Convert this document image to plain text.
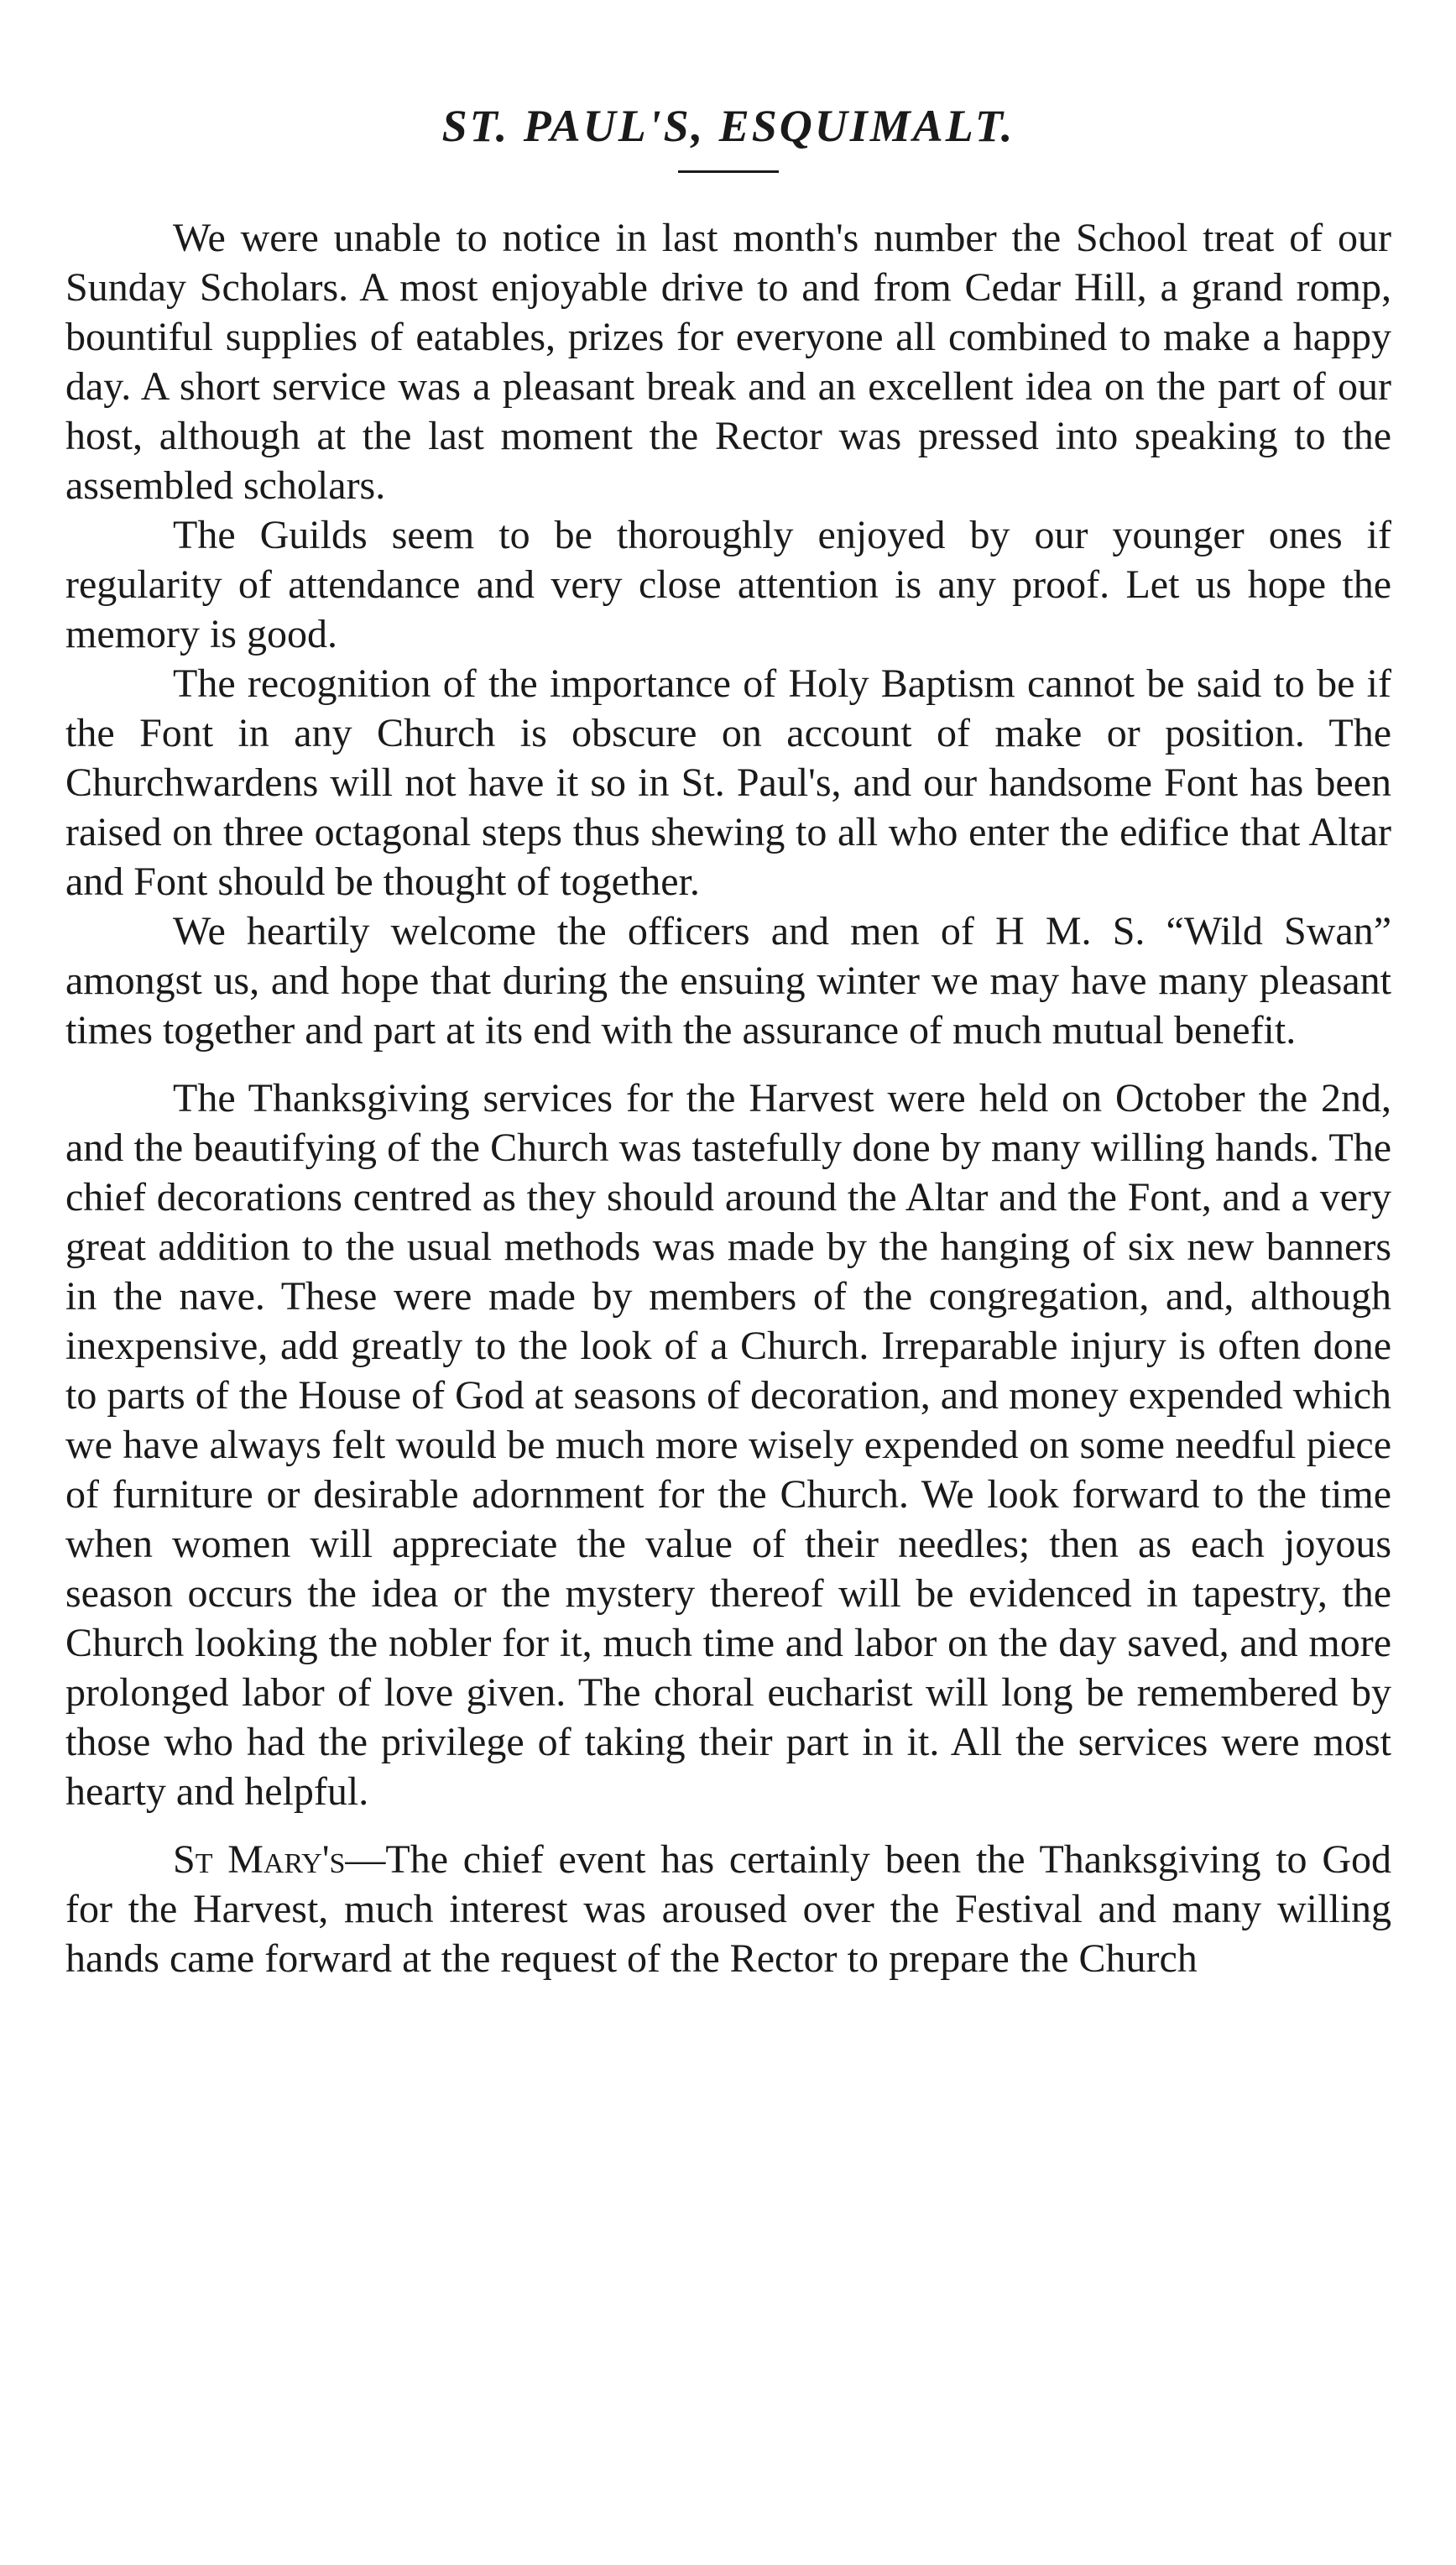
ST. PAUL'S, ESQUIMALT.

We were unable to notice in last month's number the School treat of our Sunday Scholars. A most enjoyable drive to and from Cedar Hill, a grand romp, bountiful supplies of eatables, prizes for everyone all combined to make a happy day. A short service was a pleasant break and an excellent idea on the part of our host, although at the last moment the Rector was pressed into speaking to the assembled scholars.

The Guilds seem to be thoroughly enjoyed by our younger ones if regularity of attendance and very close attention is any proof. Let us hope the memory is good.

The recognition of the importance of Holy Baptism cannot be said to be if the Font in any Church is obscure on account of make or position. The Churchwardens will not have it so in St. Paul's, and our handsome Font has been raised on three octagonal steps thus shewing to all who enter the edifice that Altar and Font should be thought of together.

We heartily welcome the officers and men of H M. S. “Wild Swan” amongst us, and hope that during the ensuing winter we may have many pleasant times together and part at its end with the assurance of much mutual benefit.

The Thanksgiving services for the Harvest were held on October the 2nd, and the beautifying of the Church was tastefully done by many willing hands. The chief decorations centred as they should around the Altar and the Font, and a very great addition to the usual methods was made by the hanging of six new banners in the nave. These were made by members of the congregation, and, although inexpensive, add greatly to the look of a Church. Irreparable injury is often done to parts of the House of God at seasons of decoration, and money expended which we have always felt would be much more wisely expended on some needful piece of furniture or desirable adornment for the Church. We look forward to the time when women will appreciate the value of their needles; then as each joyous season occurs the idea or the mystery thereof will be evidenced in tapestry, the Church looking the nobler for it, much time and labor on the day saved, and more prolonged labor of love given. The choral eucharist will long be remembered by those who had the privilege of taking their part in it. All the services were most hearty and helpful.

St Mary's—The chief event has certainly been the Thanksgiving to God for the Harvest, much interest was aroused over the Festival and many willing hands came forward at the request of the Rector to prepare the Church
